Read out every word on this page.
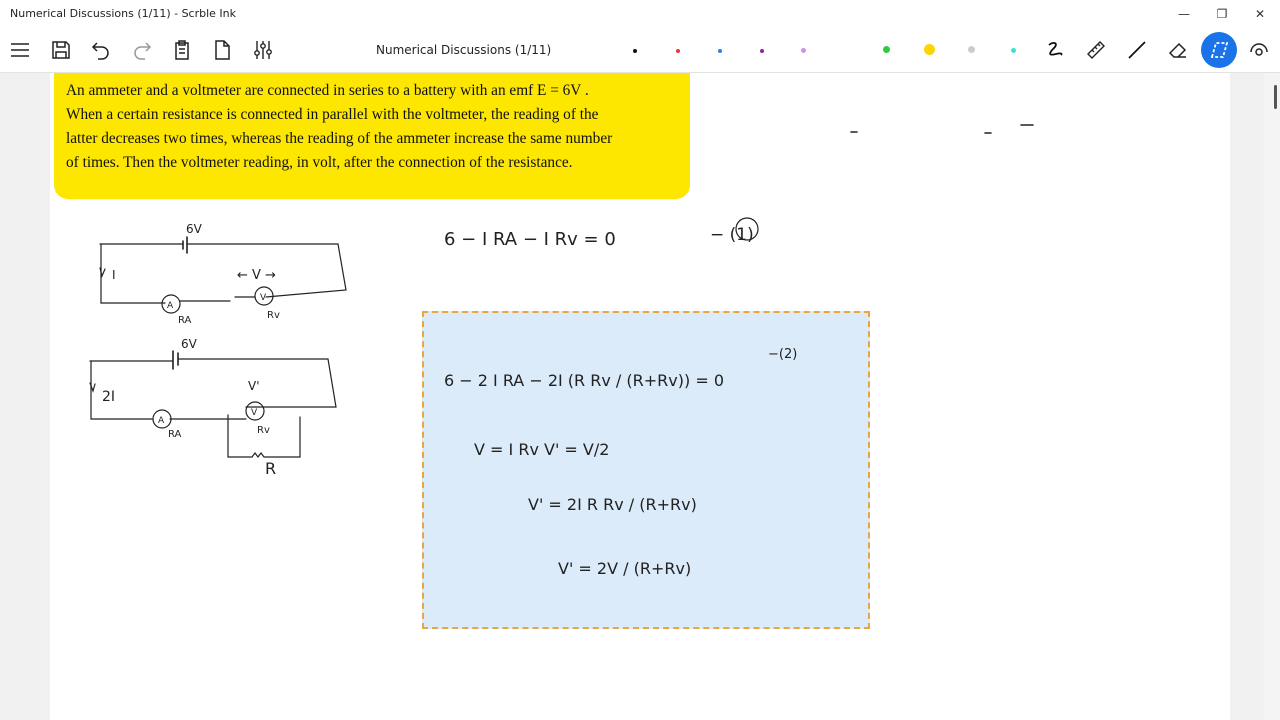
Numerical Discussions (1/11) - Scrble Ink	—	❐	✕
Numerical Discussions (1/11)

An ammeter and a voltmeter are connected in series to a battery with an emf E = 6V .

When a certain resistance is connected in parallel with the voltmeter, the reading of the

latter decreases two times, whereas the reading of the ammeter increase the same number

of times. Then the voltmeter reading, in volt, after the connection of the resistance.

6V
I	← V →
A
V
RA	Rv
6V
2I
V'
A
V
RA	Rv
R
6 − I RA − I Rv = 0	− (1)
6 − 2 I RA − 2I (R Rv / (R+Rv)) = 0
−(2)
V = I Rv V' = V/2
V' = 2I R Rv / (R+Rv)
V' = 2V / (R+Rv)
